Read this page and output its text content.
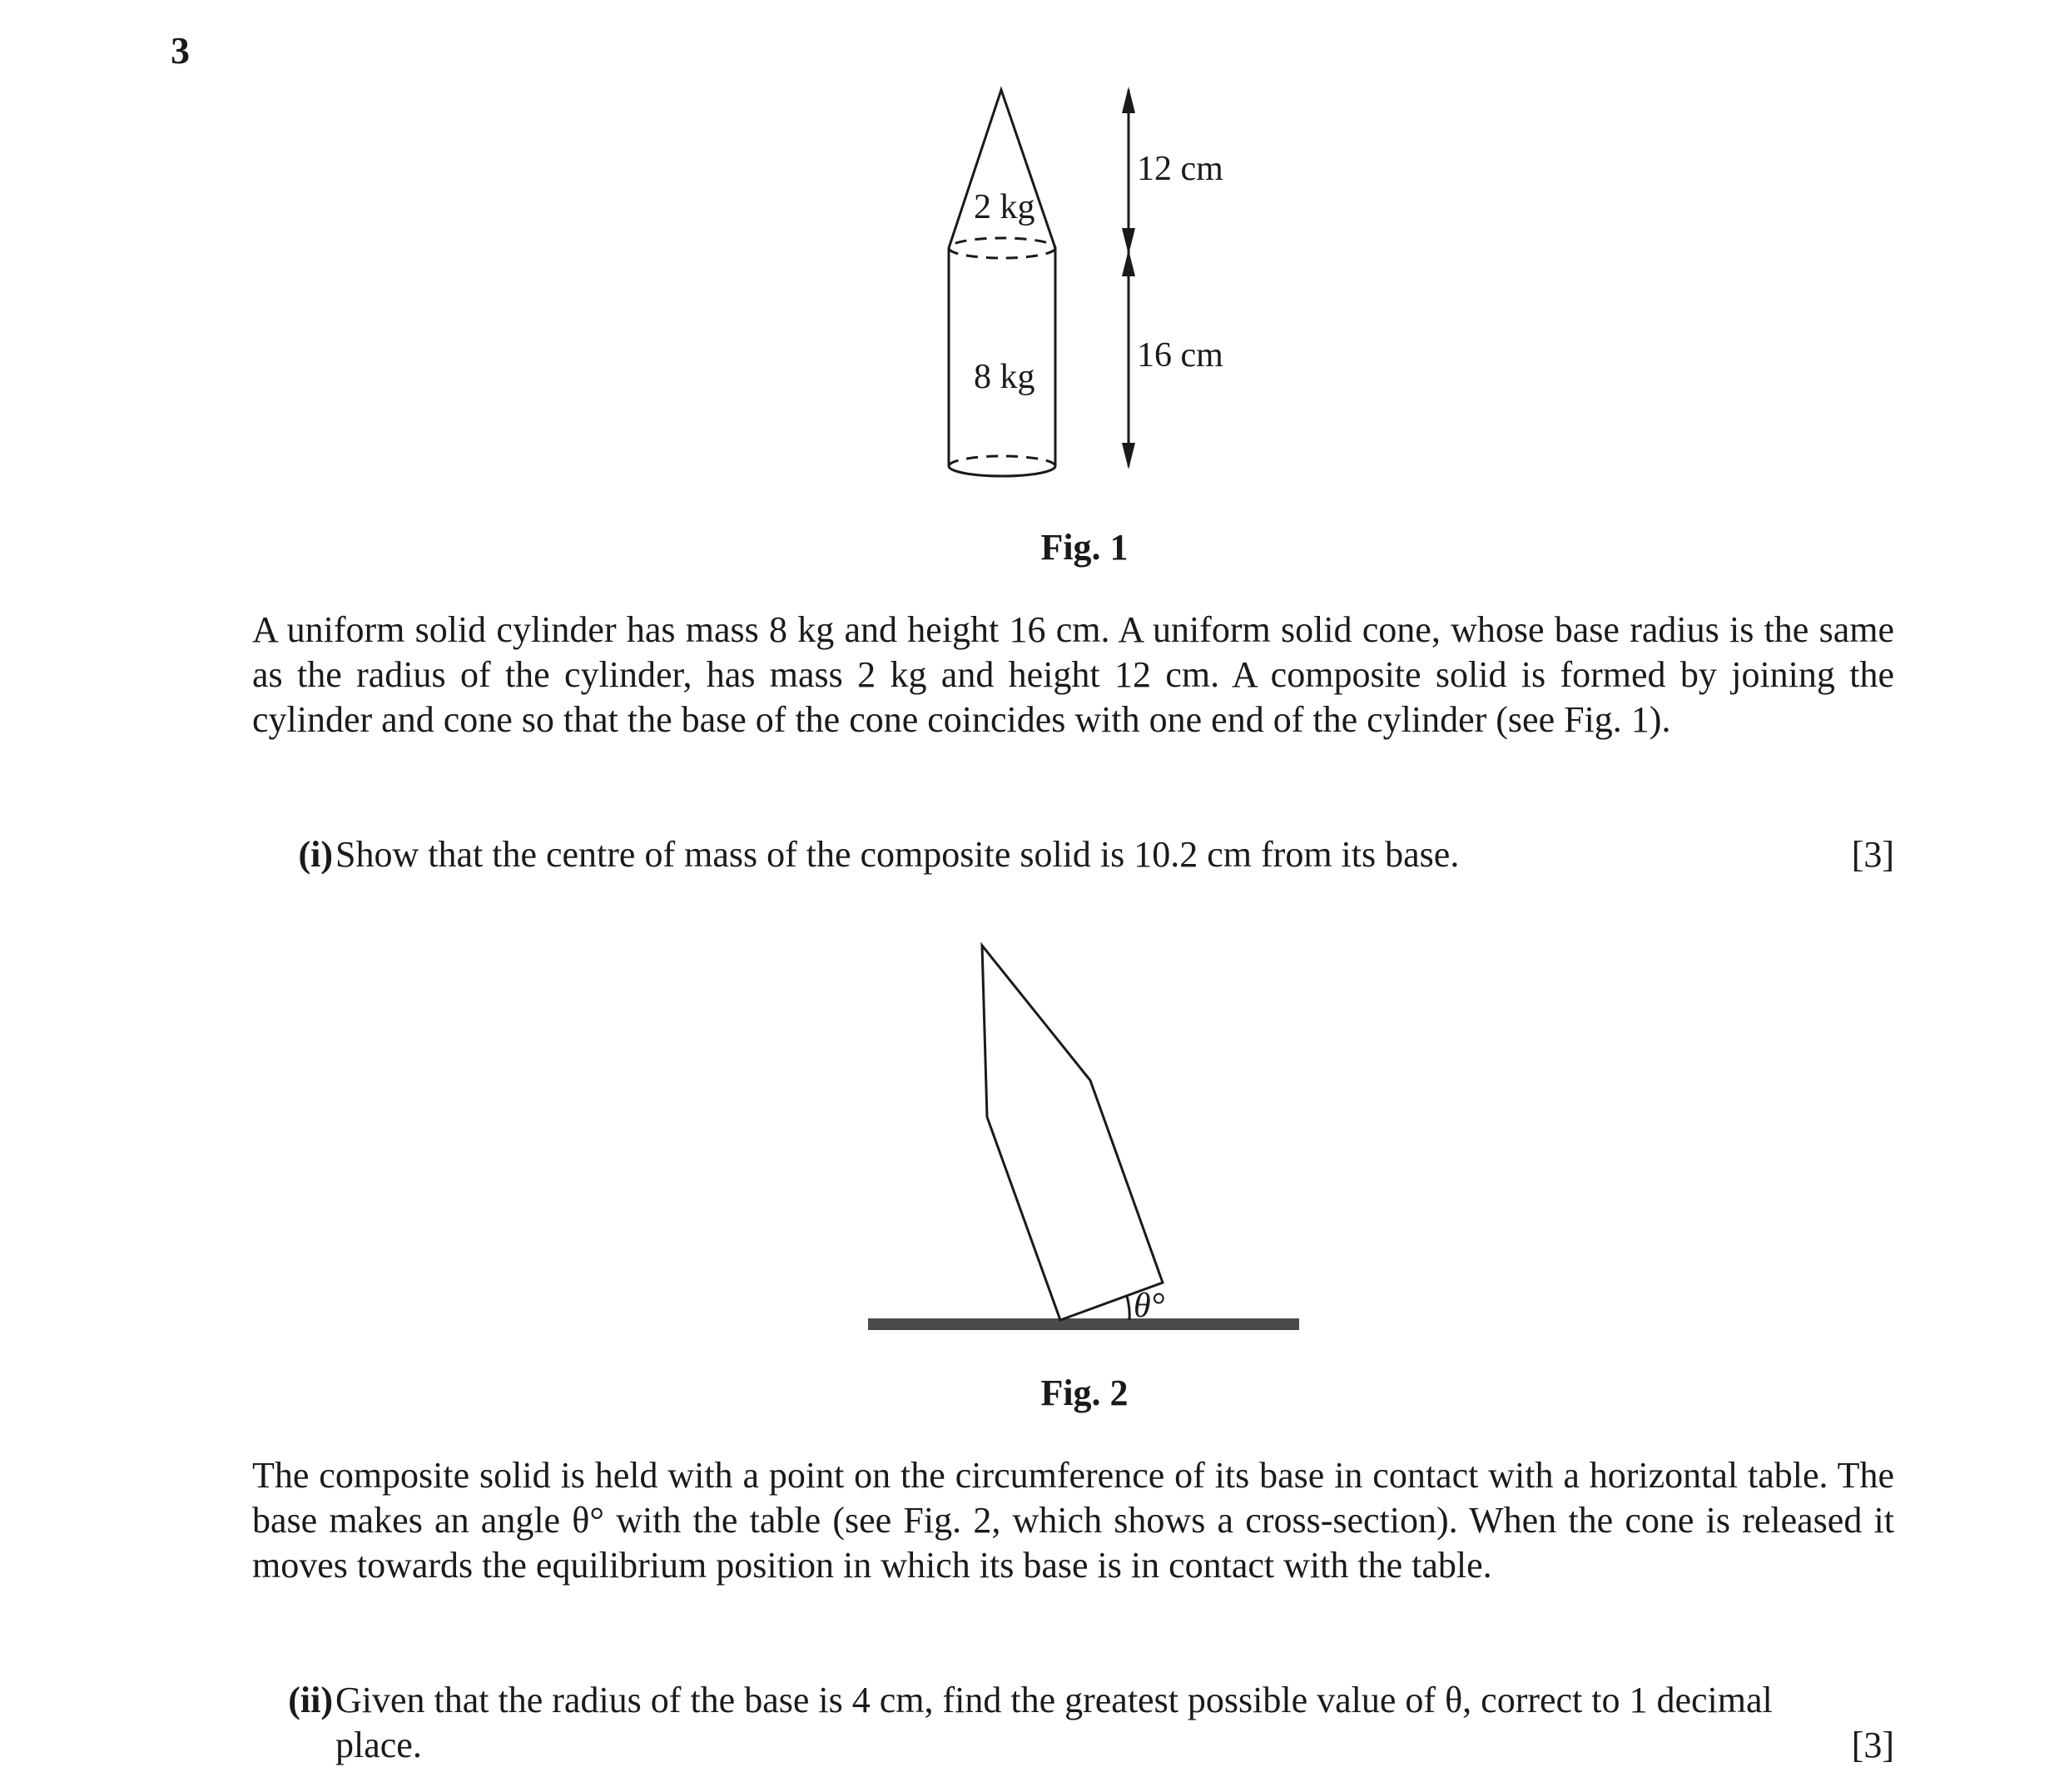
3
2 kg
8 kg
12 cm
16 cm
Fig. 1

A uniform solid cylinder has mass 8 kg and height 16 cm. A uniform solid cone, whose base radius is the same as the radius of the cylinder, has mass 2 kg and height 12 cm. A composite solid is formed by joining the cylinder and cone so that the base of the cone coincides with one end of the cylinder (see Fig. 1).

(i) Show that the centre of mass of the composite solid is 10.2 cm from its base.	[3]
θ°
Fig. 2

The composite solid is held with a point on the circumference of its base in contact with a horizontal table. The base makes an angle θ° with the table (see Fig. 2, which shows a cross-section). When the cone is released it moves towards the equilibrium position in which its base is in contact with the table.

(ii) Given that the radius of the base is 4 cm, find the greatest possible value of θ, correct to 1 decimal
place.	[3]
